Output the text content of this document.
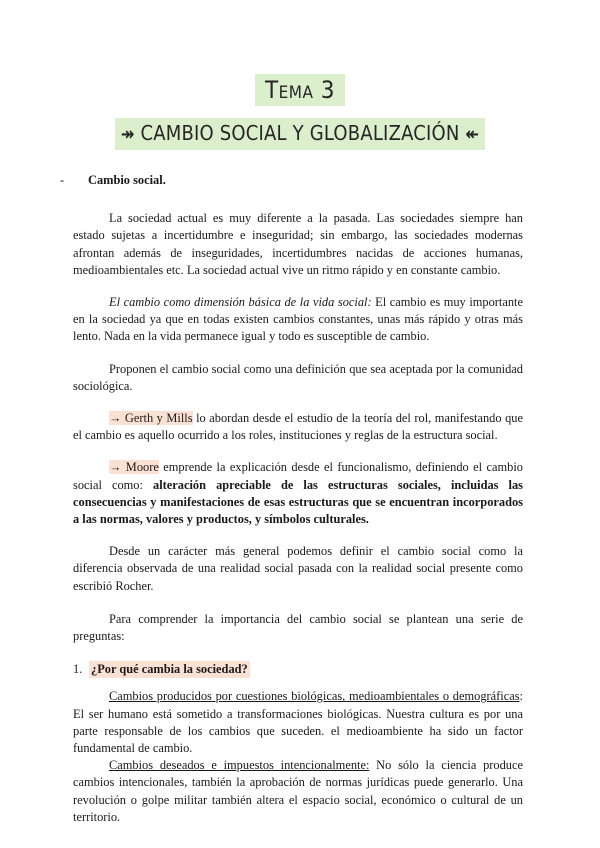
Tema 3
↠ CAMBIO SOCIAL Y GLOBALIZACIÓN ↞
-	Cambio social.

La sociedad actual es muy diferente a la pasada. Las sociedades siempre han estado sujetas a incertidumbre e inseguridad; sin embargo, las sociedades modernas afrontan además de inseguridades, incertidumbres nacidas de acciones humanas, medioambientales etc. La sociedad actual vive un ritmo rápido y en constante cambio.

El cambio como dimensión básica de la vida social: El cambio es muy importante en la sociedad ya que en todas existen cambios constantes, unas más rápido y otras más lento. Nada en la vida permanece igual y todo es susceptible de cambio.

Proponen el cambio social como una definición que sea aceptada por la comunidad sociológica.

→ Gerth y Mills lo abordan desde el estudio de la teoría del rol, manifestando que el cambio es aquello ocurrido a los roles, instituciones y reglas de la estructura social.

→ Moore emprende la explicación desde el funcionalismo, definiendo el cambio social como: alteración apreciable de las estructuras sociales, incluidas las consecuencias y manifestaciones de esas estructuras que se encuentran incorporados a las normas, valores y productos, y símbolos culturales.

Desde un carácter más general podemos definir el cambio social como la diferencia observada de una realidad social pasada con la realidad social presente como escribió Rocher.

Para comprender la importancia del cambio social se plantean una serie de preguntas:

1. ¿Por qué cambia la sociedad?

Cambios producidos por cuestiones biológicas, medioambientales o demográficas: El ser humano está sometido a transformaciones biológicas. Nuestra cultura es por una parte responsable de los cambios que suceden. el medioambiente ha sido un factor fundamental de cambio.

Cambios deseados e impuestos intencionalmente: No sólo la ciencia produce cambios intencionales, también la aprobación de normas jurídicas puede generarlo. Una revolución o golpe militar también altera el espacio social, económico o cultural de un territorio.
